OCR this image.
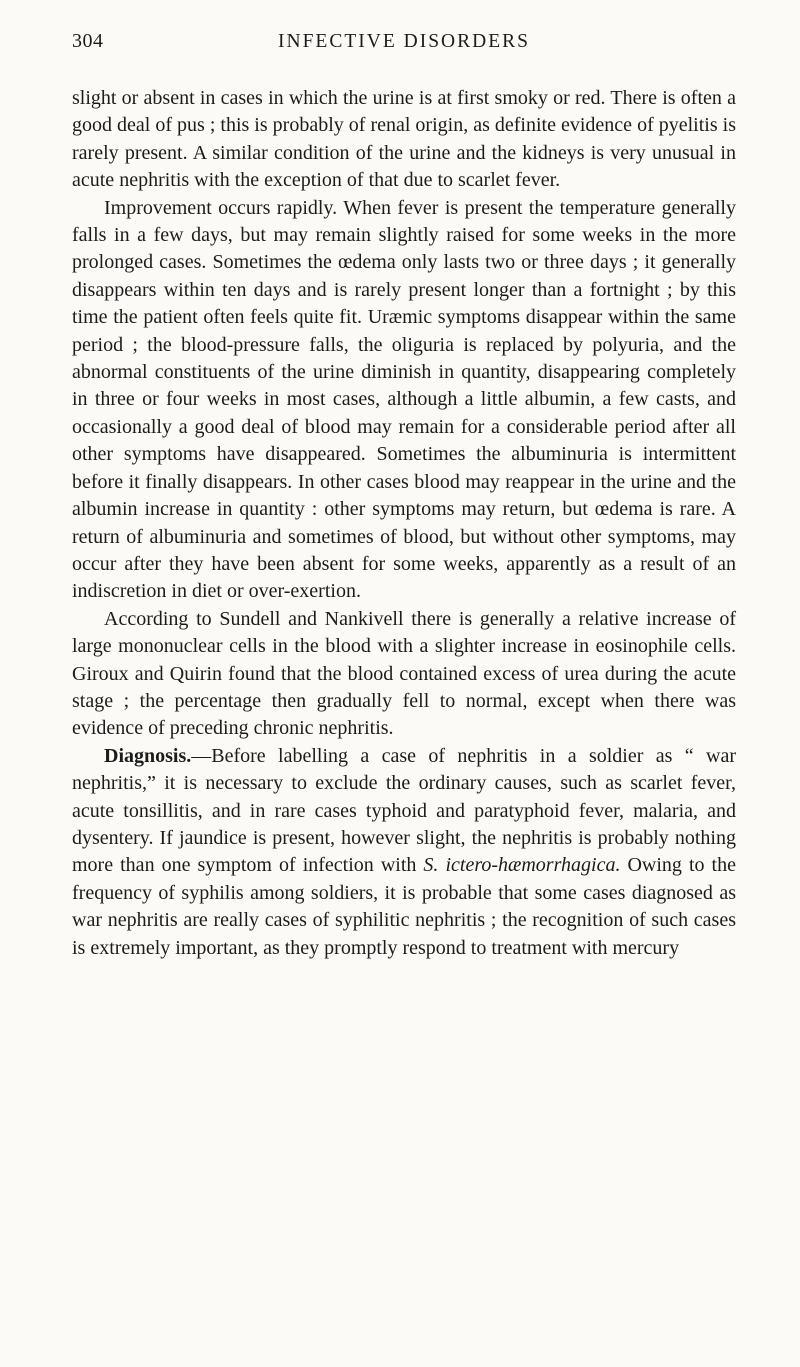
304	INFECTIVE DISORDERS

slight or absent in cases in which the urine is at first smoky or red. There is often a good deal of pus ; this is probably of renal origin, as definite evidence of pyelitis is rarely present. A similar condition of the urine and the kidneys is very unusual in acute nephritis with the exception of that due to scarlet fever.

Improvement occurs rapidly. When fever is present the temperature generally falls in a few days, but may remain slightly raised for some weeks in the more prolonged cases. Sometimes the œdema only lasts two or three days ; it generally disappears within ten days and is rarely present longer than a fortnight ; by this time the patient often feels quite fit. Uræmic symptoms disappear within the same period ; the blood-pressure falls, the oliguria is replaced by polyuria, and the abnormal constituents of the urine diminish in quantity, disappearing completely in three or four weeks in most cases, although a little albumin, a few casts, and occasionally a good deal of blood may remain for a considerable period after all other symptoms have disappeared. Sometimes the albuminuria is intermittent before it finally disappears. In other cases blood may reappear in the urine and the albumin increase in quantity : other symptoms may return, but œdema is rare. A return of albuminuria and sometimes of blood, but without other symptoms, may occur after they have been absent for some weeks, apparently as a result of an indiscretion in diet or over-exertion.

According to Sundell and Nankivell there is generally a relative increase of large mononuclear cells in the blood with a slighter increase in eosinophile cells. Giroux and Quirin found that the blood contained excess of urea during the acute stage ; the percentage then gradually fell to normal, except when there was evidence of preceding chronic nephritis.

Diagnosis.—Before labelling a case of nephritis in a soldier as “ war nephritis,” it is necessary to exclude the ordinary causes, such as scarlet fever, acute tonsillitis, and in rare cases typhoid and paratyphoid fever, malaria, and dysentery. If jaundice is present, however slight, the nephritis is probably nothing more than one symptom of infection with S. ictero-hæmorrhagica. Owing to the frequency of syphilis among soldiers, it is probable that some cases diagnosed as war nephritis are really cases of syphilitic nephritis ; the recognition of such cases is extremely important, as they promptly respond to treatment with mercury
